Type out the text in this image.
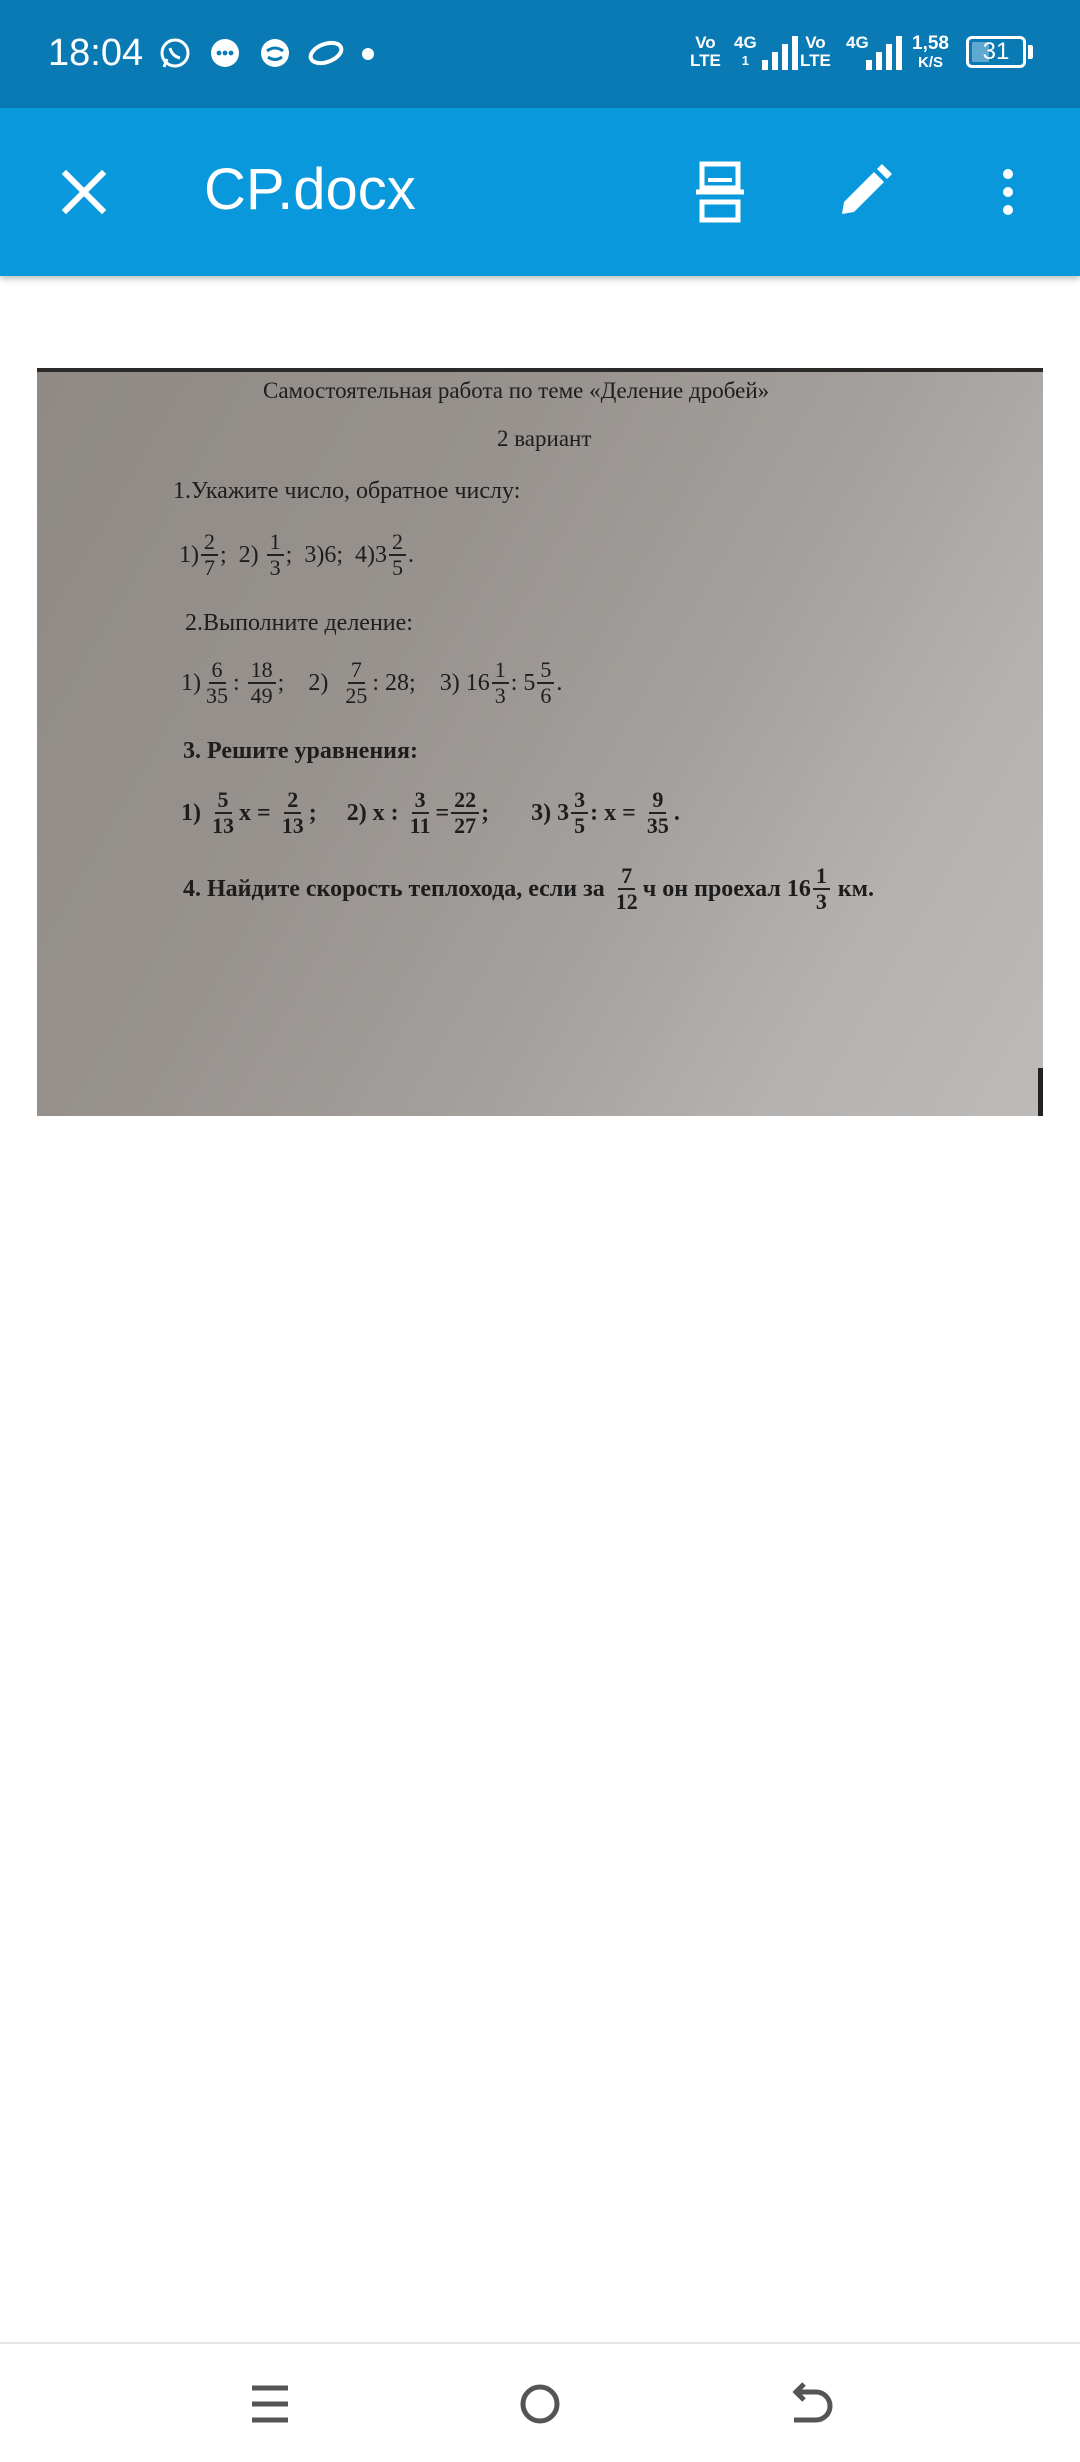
18:04	Vo
LTE
4G
1
Vo
LTE
4G 1,58
K/S	31
CP.docx
Самостоятельная работа по теме «Деление дробей»
2 вариант
1.Укажите число, обратное числу:
$1) \frac{2}{7}$ ;
2)
$\frac{1}{3}$ ;
3)6;
$4)3 \frac{2}{5}$ .
2.Выполните деление:
$1) \frac{6}{35}$ :
$\frac{18}{49}$ ;
2)
$\frac{7}{25}$ : 28;
3)
$16 \frac{1}{3}$ : $5 \frac{5}{6}$ .
3. Решите уравнения:
1)
$\frac{5}{13}$ x =
$\frac{2}{13}$ ;
2) x :
$\frac{3}{11} = \frac{22}{27}$ ;
3) $3 \frac{3}{5}$ : x =
$\frac{9}{35}$ .
4. Найдите скорость теплохода, если за
$\frac{7}{12}$ ч он проехал $16 \frac{1}{3}$
км.
